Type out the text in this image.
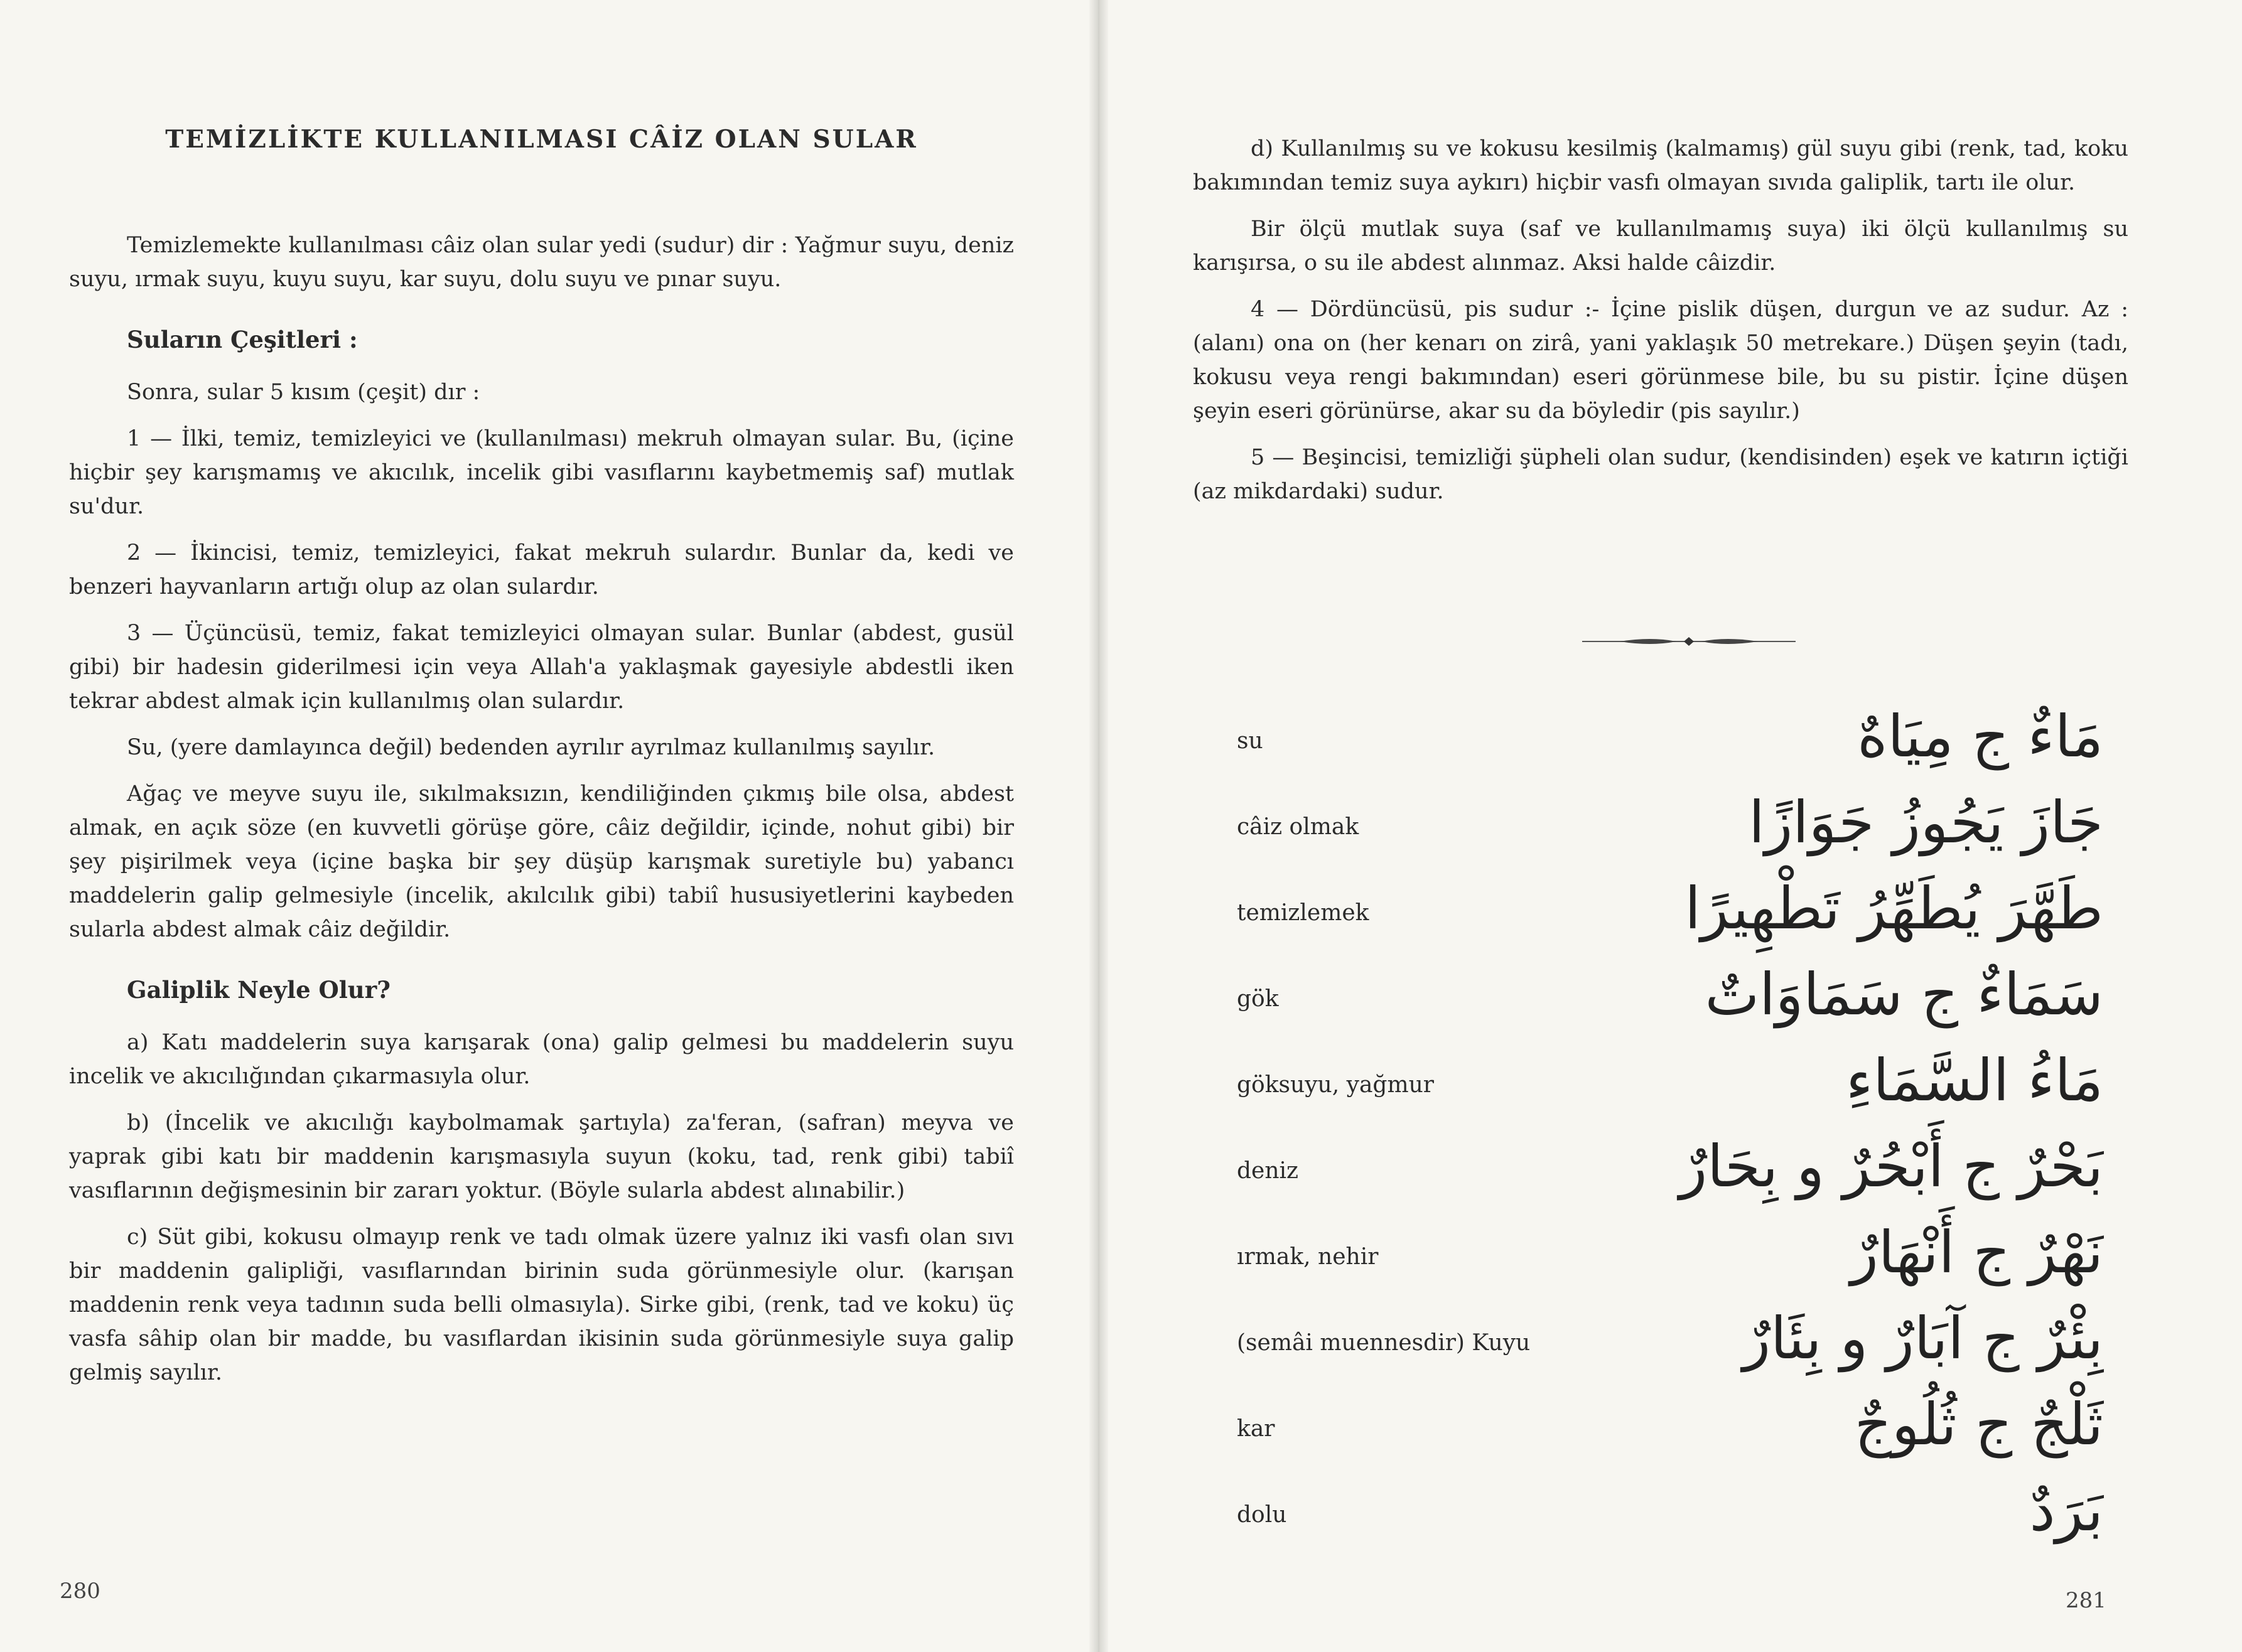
TEMİZLİKTE KULLANILMASI CÂİZ OLAN SULAR

Temizlemekte kullanılması câiz olan sular yedi (sudur) dir : Yağmur suyu, deniz suyu, ırmak suyu, kuyu suyu, kar suyu, dolu suyu ve pınar suyu.

Suların Çeşitleri :

Sonra, sular 5 kısım (çeşit) dır :

1 — İlki, temiz, temizleyici ve (kullanılması) mekruh olmayan sular. Bu, (içine hiçbir şey karışmamış ve akıcılık, incelik gibi vasıflarını kaybetmemiş saf) mutlak su'dur.

2 — İkincisi, temiz, temizleyici, fakat mekruh sulardır. Bunlar da, kedi ve benzeri hayvanların artığı olup az olan sulardır.

3 — Üçüncüsü, temiz, fakat temizleyici olmayan sular. Bunlar (abdest, gusül gibi) bir hadesin giderilmesi için veya Allah'a yaklaşmak gayesiyle abdestli iken tekrar abdest almak için kullanılmış olan sulardır.

Su, (yere damlayınca değil) bedenden ayrılır ayrılmaz kullanılmış sayılır.

Ağaç ve meyve suyu ile, sıkılmaksızın, kendiliğinden çıkmış bile olsa, abdest almak, en açık söze (en kuvvetli görüşe göre, câiz değildir, içinde, nohut gibi) bir şey pişirilmek veya (içine başka bir şey düşüp karışmak suretiyle bu) yabancı maddelerin galip gelmesiyle (incelik, akılcılık gibi) tabiî hususiyetlerini kaybeden sularla abdest almak câiz değildir.

Galiplik Neyle Olur?

a) Katı maddelerin suya karışarak (ona) galip gelmesi bu maddelerin suyu incelik ve akıcılığından çıkarmasıyla olur.

b) (İncelik ve akıcılığı kaybolmamak şartıyla) za'feran, (safran) meyva ve yaprak gibi katı bir maddenin karışmasıyla suyun (koku, tad, renk gibi) tabiî vasıflarının değişmesinin bir zararı yoktur. (Böyle sularla abdest alınabilir.)

c) Süt gibi, kokusu olmayıp renk ve tadı olmak üzere yalnız iki vasfı olan sıvı bir maddenin galipliği, vasıflarından birinin suda görünmesiyle olur. (karışan maddenin renk veya tadının suda belli olmasıyla). Sirke gibi, (renk, tad ve koku) üç vasfa sâhip olan bir madde, bu vasıflardan ikisinin suda görünmesiyle suya galip gelmiş sayılır.

280

d) Kullanılmış su ve kokusu kesilmiş (kalmamış) gül suyu gibi (renk, tad, koku bakımından temiz suya aykırı) hiçbir vasfı olmayan sıvıda galiplik, tartı ile olur.

Bir ölçü mutlak suya (saf ve kullanılmamış suya) iki ölçü kullanılmış su karışırsa, o su ile abdest alınmaz. Aksi halde câizdir.

4 — Dördüncüsü, pis sudur :- İçine pislik düşen, durgun ve az sudur. Az : (alanı) ona on (her kenarı on zirâ, yani yaklaşık 50 metrekare.) Düşen şeyin (tadı, kokusu veya rengi bakımından) eseri görünmese bile, bu su pistir. İçine düşen şeyin eseri görünürse, akar su da böyledir (pis sayılır.)

5 — Beşincisi, temizliği şüpheli olan sudur, (kendisinden) eşek ve katırın içtiği (az mikdardaki) sudur.

su	مَاءٌ ج مِيَاهٌ
câiz olmak	جَازَ يَجُوزُ جَوَازًا
temizlemek	طَهَّرَ يُطَهِّرُ تَطْهِيرًا
gök	سَمَاءٌ ج سَمَاوَاتٌ
göksuyu, yağmur	مَاءُ السَّمَاءِ
deniz	بَحْرٌ ج أَبْحُرٌ و بِحَارٌ
ırmak, nehir	نَهْرٌ ج أَنْهَارٌ
(semâi muennesdir) Kuyu	بِئْرٌ ج آبَارٌ و بِئَارٌ
kar	ثَلْجٌ ج ثُلُوجٌ
dolu	بَرَدٌ
281
